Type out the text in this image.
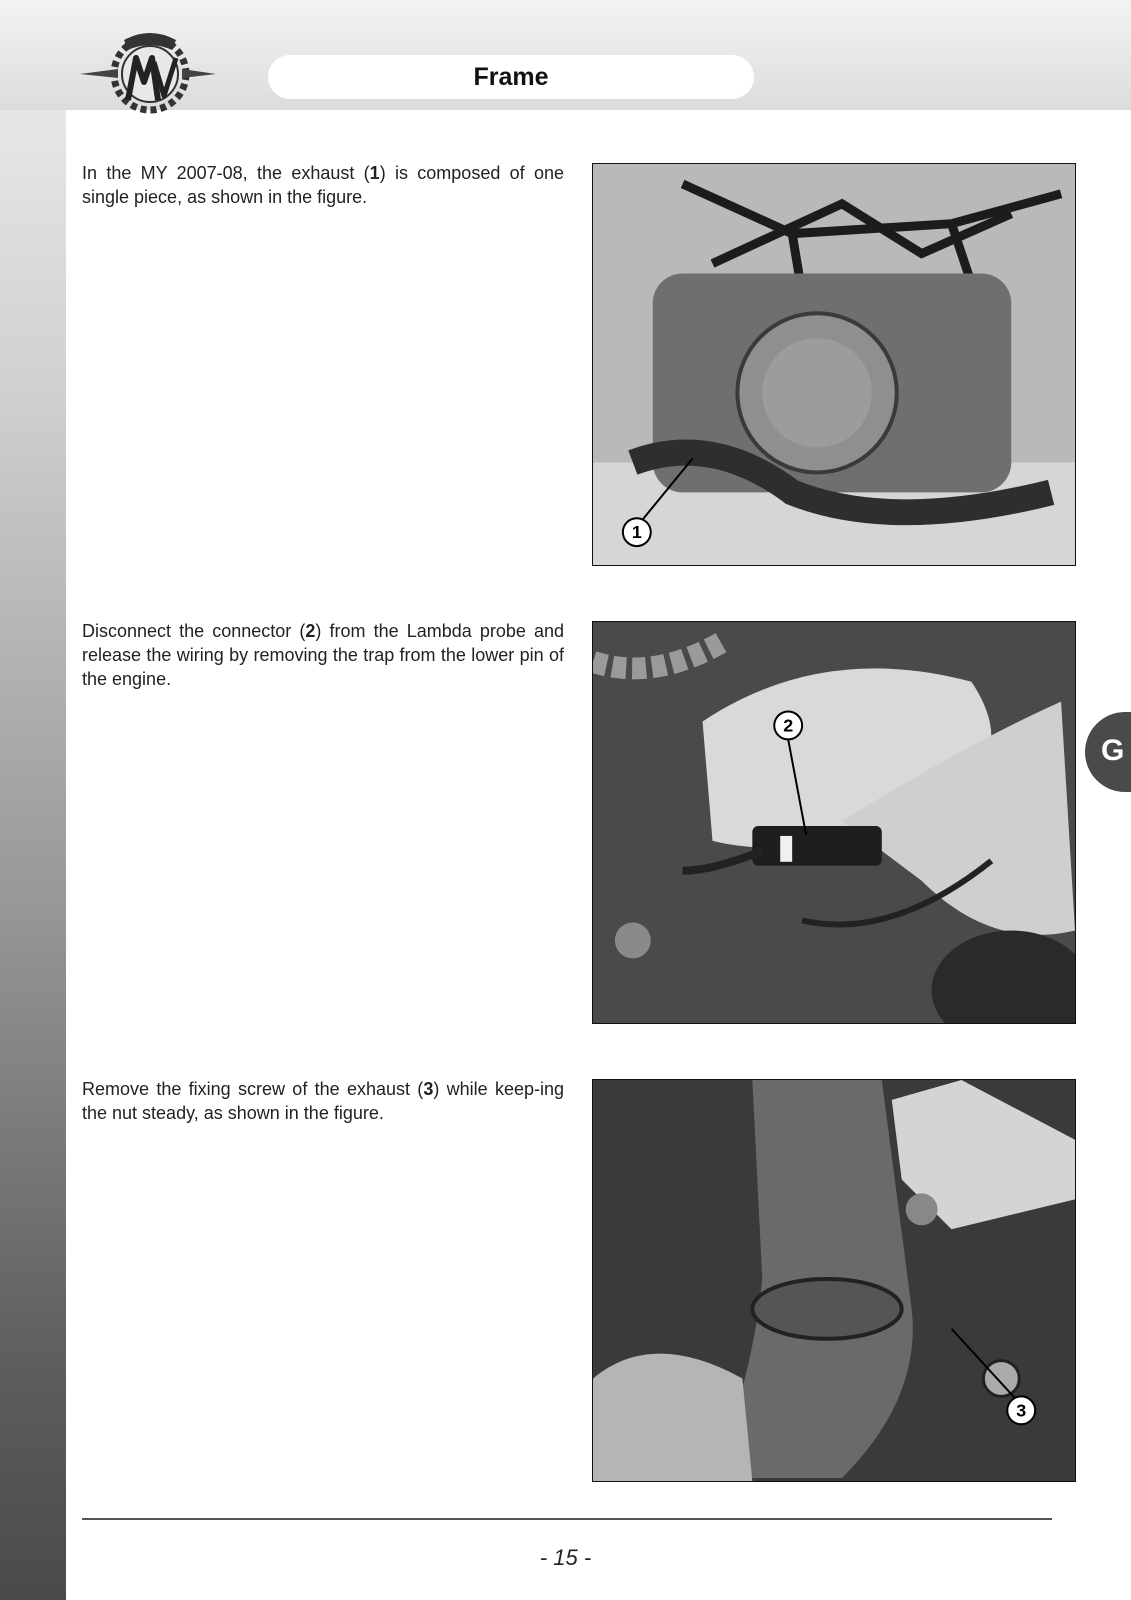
Frame
In the MY 2007-08, the exhaust (1) is composed of one single piece, as shown in the figure.
1
Disconnect the connector (2) from the Lambda probe and release the wiring by removing the trap from the lower pin of the engine.
2
Remove the fixing screw of the exhaust (3) while keep-ing the nut steady, as shown in the figure.
3
G
- 15 -
